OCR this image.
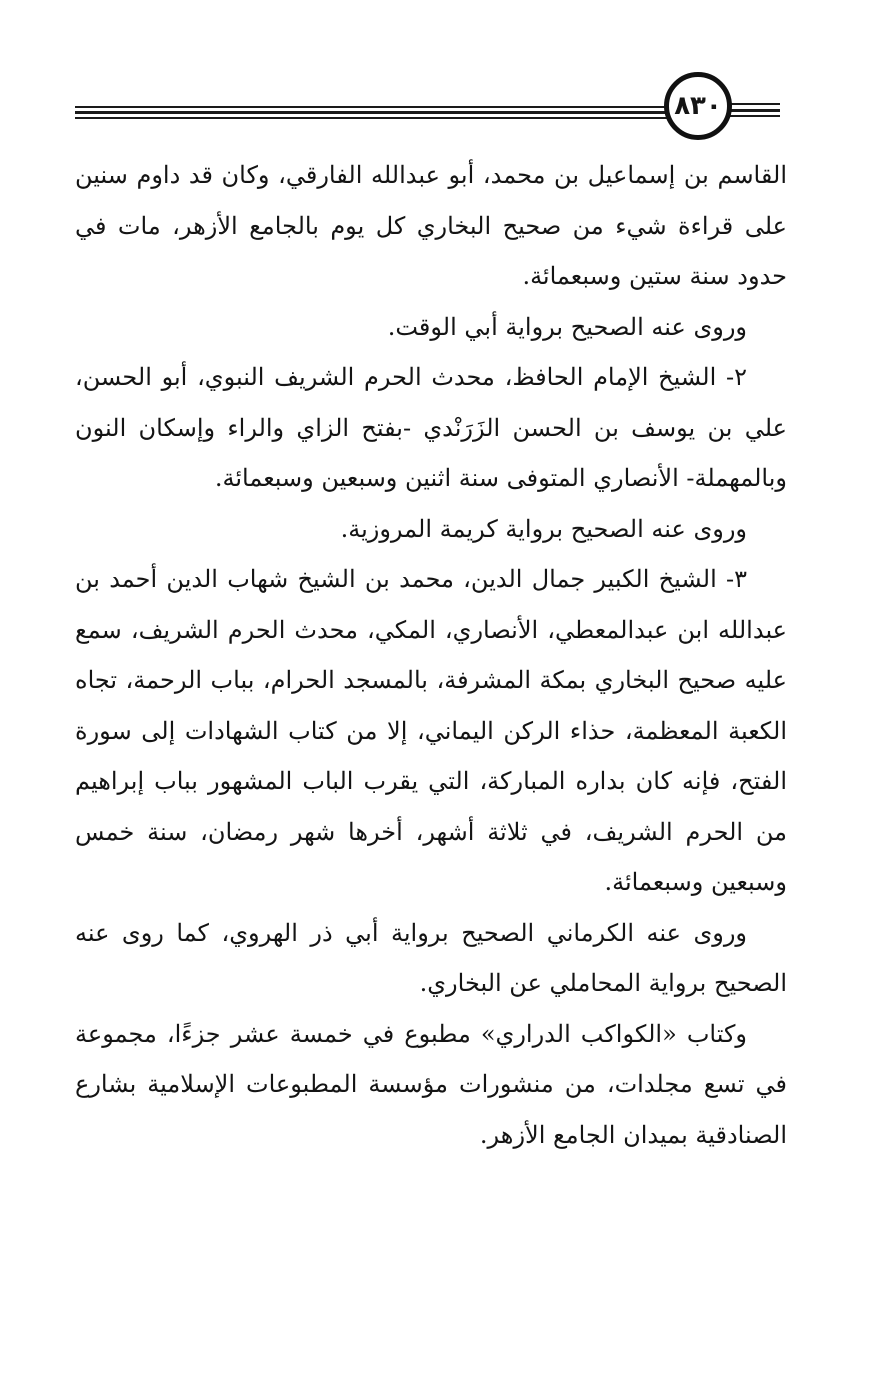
٨٣٠

القاسم بن إسماعيل بن محمد، أبو عبدالله الفارقي، وكان قد داوم سنين على قراءة شيء من صحيح البخاري كل يوم بالجامع الأزهر، مات في حدود سنة ستين وسبعمائة.

وروى عنه الصحيح برواية أبي الوقت.

٢- الشيخ الإمام الحافظ، محدث الحرم الشريف النبوي، أبو الحسن، علي بن يوسف بن الحسن الزَرَنْدي -بفتح الزاي والراء وإسكان النون وبالمهملة- الأنصاري المتوفى سنة اثنين وسبعين وسبعمائة.

وروى عنه الصحيح برواية كريمة المروزية.

٣- الشيخ الكبير جمال الدين، محمد بن الشيخ شهاب الدين أحمد بن عبدالله ابن عبدالمعطي، الأنصاري، المكي، محدث الحرم الشريف، سمع عليه صحيح البخاري بمكة المشرفة، بالمسجد الحرام، بباب الرحمة، تجاه الكعبة المعظمة، حذاء الركن اليماني، إلا من كتاب الشهادات إلى سورة الفتح، فإنه كان بداره المباركة، التي يقرب الباب المشهور بباب إبراهيم من الحرم الشريف، في ثلاثة أشهر، أخرها شهر رمضان، سنة خمس وسبعين وسبعمائة.

وروى عنه الكرماني الصحيح برواية أبي ذر الهروي، كما روى عنه الصحيح برواية المحاملي عن البخاري.

وكتاب «الكواكب الدراري» مطبوع في خمسة عشر جزءًا، مجموعة في تسع مجلدات، من منشورات مؤسسة المطبوعات الإسلامية بشارع الصنادقية بميدان الجامع الأزهر.
